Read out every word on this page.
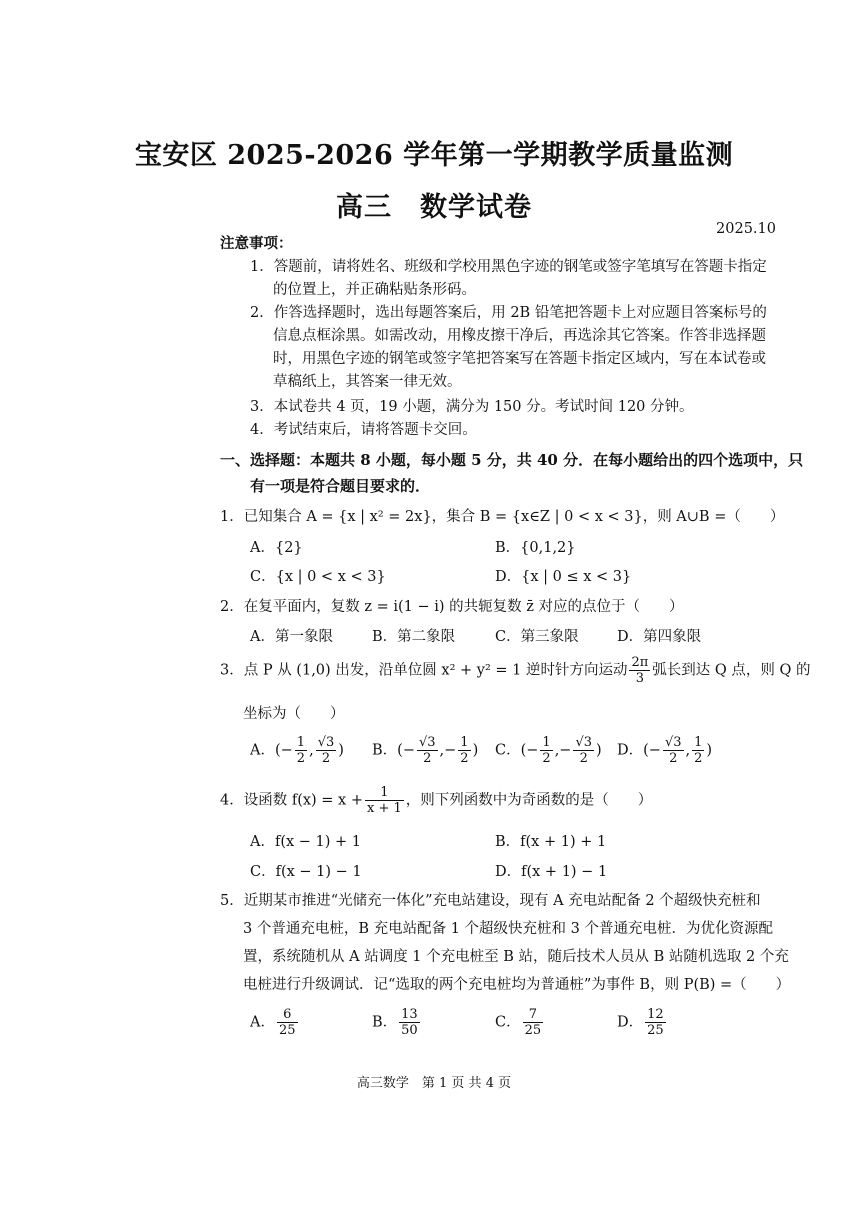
宝安区 2025-2026 学年第一学期教学质量监测
高三　数学试卷
2025.10
注意事项：
1．答题前，请将姓名、班级和学校用黑色字迹的钢笔或签字笔填写在答题卡指定
的位置上，并正确粘贴条形码。
2．作答选择题时，选出每题答案后，用 2B 铅笔把答题卡上对应题目答案标号的
信息点框涂黑。如需改动，用橡皮擦干净后，再选涂其它答案。作答非选择题
时，用黑色字迹的钢笔或签字笔把答案写在答题卡指定区域内，写在本试卷或
草稿纸上，其答案一律无效。
3．本试卷共 4 页，19 小题，满分为 150 分。考试时间 120 分钟。
4．考试结束后，请将答题卡交回。
一、选择题：本题共 8 小题，每小题 5 分，共 40 分．在每小题给出的四个选项中，只
有一项是符合题目要求的．
1．已知集合 A = {x | x² = 2x}，集合 B = {x∈Z | 0 < x < 3}，则 A∪B =（　　）
A．{2}	B．{0,1,2}
C．{x | 0 < x < 3}	D．{x | 0 ≤ x < 3}
2．在复平面内，复数 z = i(1 − i) 的共轭复数 z̄ 对应的点位于（　　）
A．第一象限	B．第二象限	C．第三象限	D．第四象限
3．点 P 从 (1,0) 出发，沿单位圆 x² + y² = 1 逆时针方向运动 $\frac{2\pi}{3}$ 弧长到达 Q 点，则 Q 的
坐标为（　　）
A．(− $\frac{1}{2}$ , $\frac{√3}{2}$ ) B．(− $\frac{√3}{2}$ ,− $\frac{1}{2}$ ) C．(− $\frac{1}{2}$ ,− $\frac{√3}{2}$ ) D．(− $\frac{√3}{2}$ , $\frac{1}{2}$ )
4．设函数 $f(x) = x + \frac{1}{x + 1}$ ，则下列函数中为奇函数的是（　　）
A．f(x − 1) + 1	B．f(x + 1) + 1
C．f(x − 1) − 1	D．f(x + 1) − 1
5．近期某市推进“光储充一体化”充电站建设，现有 A 充电站配备 2 个超级快充桩和
3 个普通充电桩，B 充电站配备 1 个超级快充桩和 3 个普通充电桩．为优化资源配
置，系统随机从 A 站调度 1 个充电桩至 B 站，随后技术人员从 B 站随机选取 2 个充
电桩进行升级调试．记“选取的两个充电桩均为普通桩”为事件 B，则 P(B) =（　　）
A． $\frac{6}{25}$	B． $\frac{13}{50}$	C． $\frac{7}{25}$	D． $\frac{12}{25}$
高三数学　第 1 页 共 4 页
